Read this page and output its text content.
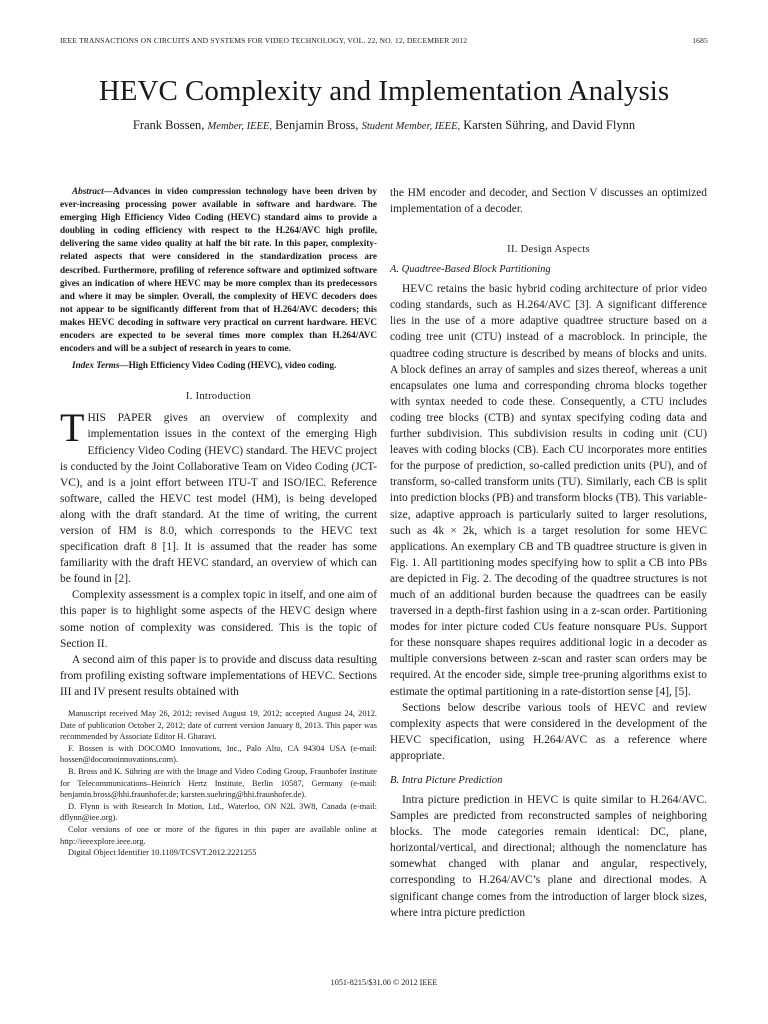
IEEE TRANSACTIONS ON CIRCUITS AND SYSTEMS FOR VIDEO TECHNOLOGY, VOL. 22, NO. 12, DECEMBER 2012	1685
HEVC Complexity and Implementation Analysis
Frank Bossen, Member, IEEE, Benjamin Bross, Student Member, IEEE, Karsten Sühring, and David Flynn

Abstract—Advances in video compression technology have been driven by ever-increasing processing power available in software and hardware. The emerging High Efficiency Video Coding (HEVC) standard aims to provide a doubling in coding efficiency with respect to the H.264/AVC high profile, delivering the same video quality at half the bit rate. In this paper, complexity-related aspects that were considered in the standardization process are described. Furthermore, profiling of reference software and optimized software gives an indication of where HEVC may be more complex than its predecessors and where it may be simpler. Overall, the complexity of HEVC decoders does not appear to be significantly different from that of H.264/AVC decoders; this makes HEVC decoding in software very practical on current hardware. HEVC encoders are expected to be several times more complex than H.264/AVC encoders and will be a subject of research in years to come.

Index Terms—High Efficiency Video Coding (HEVC), video coding.

I. Introduction

THIS PAPER gives an overview of complexity and implementation issues in the context of the emerging High Efficiency Video Coding (HEVC) standard. The HEVC project is conducted by the Joint Collaborative Team on Video Coding (JCT-VC), and is a joint effort between ITU-T and ISO/IEC. Reference software, called the HEVC test model (HM), is being developed along with the draft standard. At the time of writing, the current version of HM is 8.0, which corresponds to the HEVC text specification draft 8 [1]. It is assumed that the reader has some familiarity with the draft HEVC standard, an overview of which can be found in [2].

Complexity assessment is a complex topic in itself, and one aim of this paper is to highlight some aspects of the HEVC design where some notion of complexity was considered. This is the topic of Section II.

A second aim of this paper is to provide and discuss data resulting from profiling existing software implementations of HEVC. Sections III and IV present results obtained with

Manuscript received May 26, 2012; revised August 19, 2012; accepted August 24, 2012. Date of publication October 2, 2012; date of current version January 8, 2013. This paper was recommended by Associate Editor H. Gharavi.

F. Bossen is with DOCOMO Innovations, Inc., Palo Alto, CA 94304 USA (e-mail: bossen@docomoinnovations.com).

B. Bross and K. Sühring are with the Image and Video Coding Group, Fraunhofer Institute for Telecommunications–Heinrich Hertz Institute, Berlin 10587, Germany (e-mail: benjamin.bross@hhi.fraunhofer.de; karsten.suehring@hhi.fraunhofer.de).

D. Flynn is with Research In Motion, Ltd., Waterloo, ON N2L 3W8, Canada (e-mail: dflynn@iee.org).

Color versions of one or more of the figures in this paper are available online at http://ieeexplore.ieee.org.

Digital Object Identifier 10.1109/TCSVT.2012.2221255

the HM encoder and decoder, and Section V discusses an optimized implementation of a decoder.

II. Design Aspects
A. Quadtree-Based Block Partitioning

HEVC retains the basic hybrid coding architecture of prior video coding standards, such as H.264/AVC [3]. A significant difference lies in the use of a more adaptive quadtree structure based on a coding tree unit (CTU) instead of a macroblock. In principle, the quadtree coding structure is described by means of blocks and units. A block defines an array of samples and sizes thereof, whereas a unit encapsulates one luma and corresponding chroma blocks together with syntax needed to code these. Consequently, a CTU includes coding tree blocks (CTB) and syntax specifying coding data and further subdivision. This subdivision results in coding unit (CU) leaves with coding blocks (CB). Each CU incorporates more entities for the purpose of prediction, so-called prediction units (PU), and of transform, so-called transform units (TU). Similarly, each CB is split into prediction blocks (PB) and transform blocks (TB). This variable-size, adaptive approach is particularly suited to larger resolutions, such as 4k × 2k, which is a target resolution for some HEVC applications. An exemplary CB and TB quadtree structure is given in Fig. 1. All partitioning modes specifying how to split a CB into PBs are depicted in Fig. 2. The decoding of the quadtree structures is not much of an additional burden because the quadtrees can be easily traversed in a depth-first fashion using in a z-scan order. Partitioning modes for inter picture coded CUs feature nonsquare PUs. Support for these nonsquare shapes requires additional logic in a decoder as multiple conversions between z-scan and raster scan orders may be required. At the encoder side, simple tree-pruning algorithms exist to estimate the optimal partitioning in a rate-distortion sense [4], [5].

Sections below describe various tools of HEVC and review complexity aspects that were considered in the development of the HEVC specification, using H.264/AVC as a reference where appropriate.

B. Intra Picture Prediction

Intra picture prediction in HEVC is quite similar to H.264/AVC. Samples are predicted from reconstructed samples of neighboring blocks. The mode categories remain identical: DC, plane, horizontal/vertical, and directional; although the nomenclature has somewhat changed with planar and angular, respectively, corresponding to H.264/AVC’s plane and directional modes. A significant change comes from the introduction of larger block sizes, where intra picture prediction

1051-8215/$31.00 © 2012 IEEE
